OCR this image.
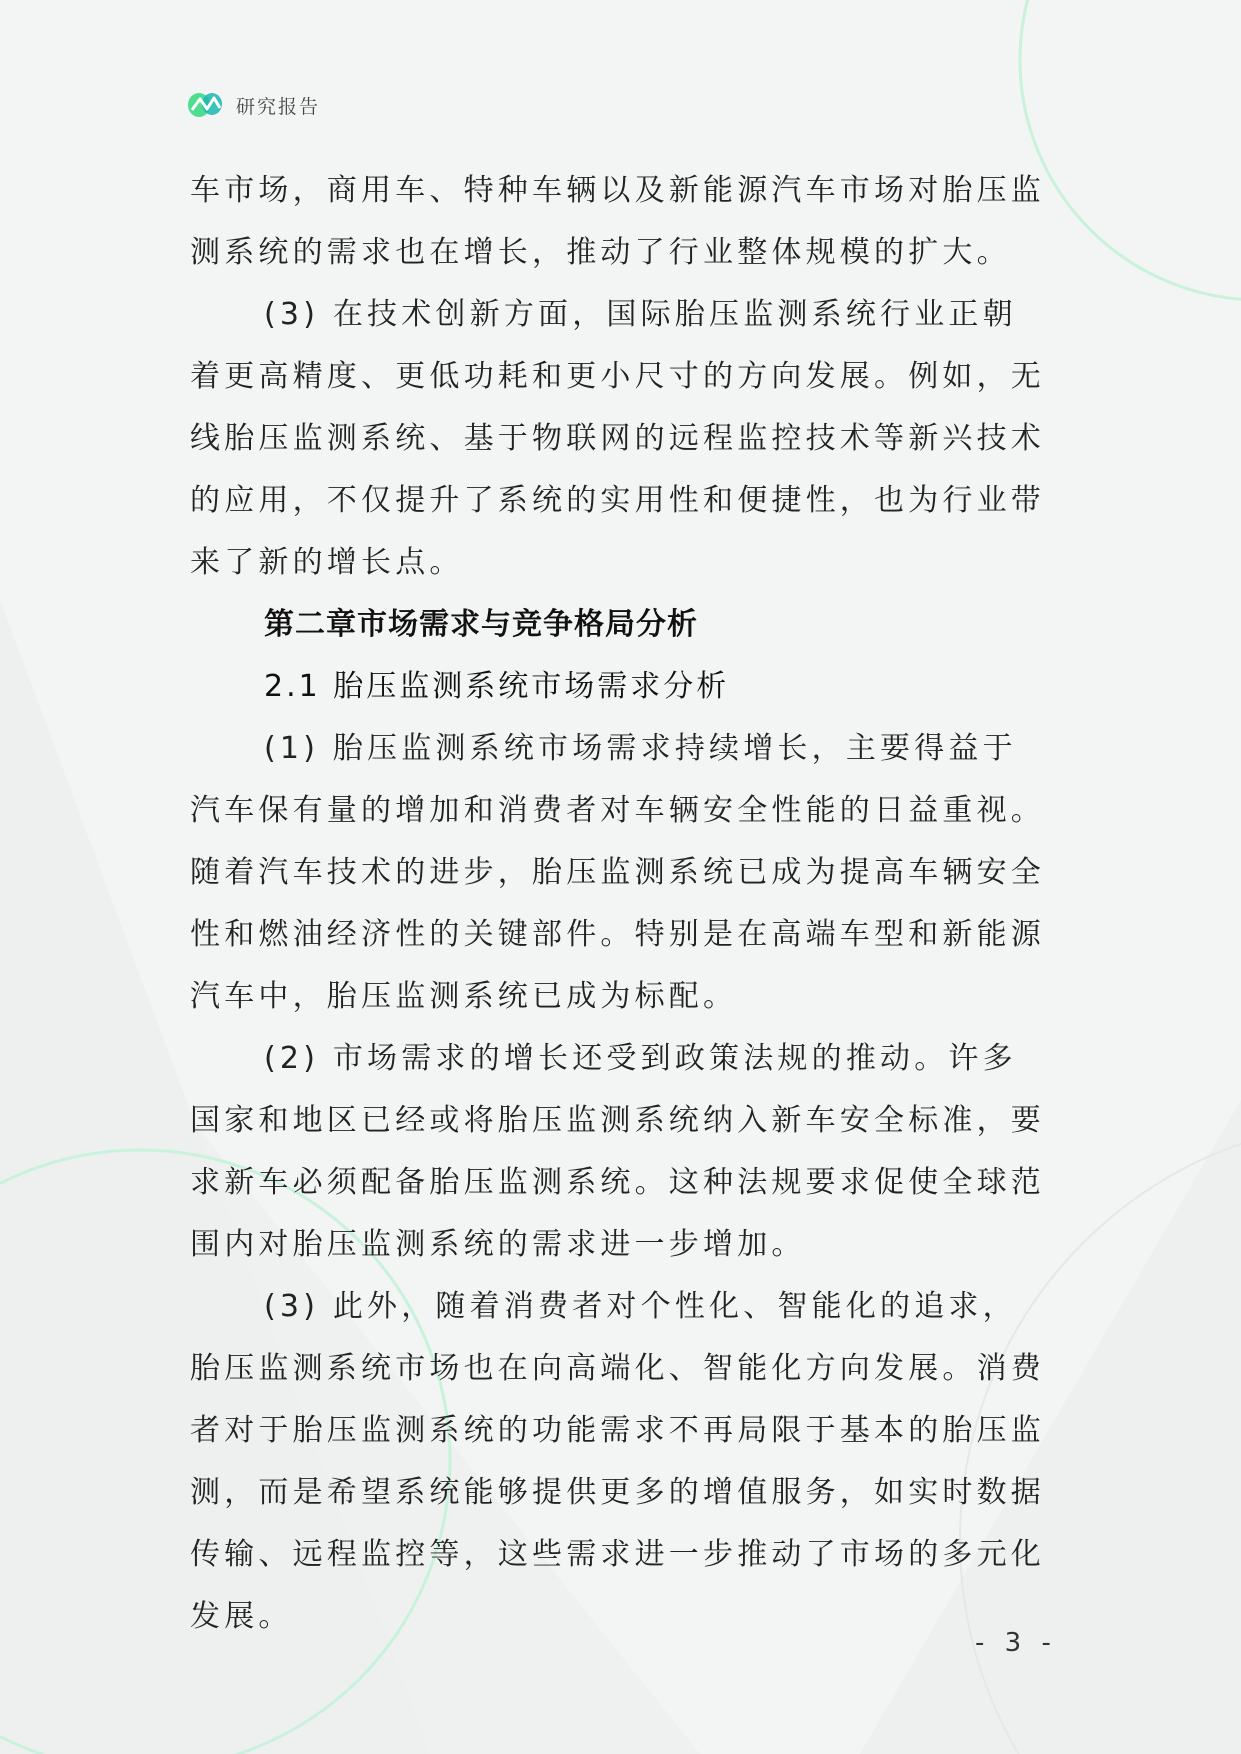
研究报告

车市场，商用车、特种车辆以及新能源汽车市场对胎压监测系统的需求也在增长，推动了行业整体规模的扩大。

(3) 在技术创新方面，国际胎压监测系统行业正朝着更高精度、更低功耗和更小尺寸的方向发展。例如，无线胎压监测系统、基于物联网的远程监控技术等新兴技术的应用，不仅提升了系统的实用性和便捷性，也为行业带来了新的增长点。

第二章市场需求与竞争格局分析
2.1 胎压监测系统市场需求分析

(1) 胎压监测系统市场需求持续增长，主要得益于汽车保有量的增加和消费者对车辆安全性能的日益重视。随着汽车技术的进步，胎压监测系统已成为提高车辆安全性和燃油经济性的关键部件。特别是在高端车型和新能源汽车中，胎压监测系统已成为标配。

(2) 市场需求的增长还受到政策法规的推动。许多国家和地区已经或将胎压监测系统纳入新车安全标准，要求新车必须配备胎压监测系统。这种法规要求促使全球范围内对胎压监测系统的需求进一步增加。

(3) 此外，随着消费者对个性化、智能化的追求，胎压监测系统市场也在向高端化、智能化方向发展。消费者对于胎压监测系统的功能需求不再局限于基本的胎压监测，而是希望系统能够提供更多的增值服务，如实时数据传输、远程监控等，这些需求进一步推动了市场的多元化发展。

- 3 -
